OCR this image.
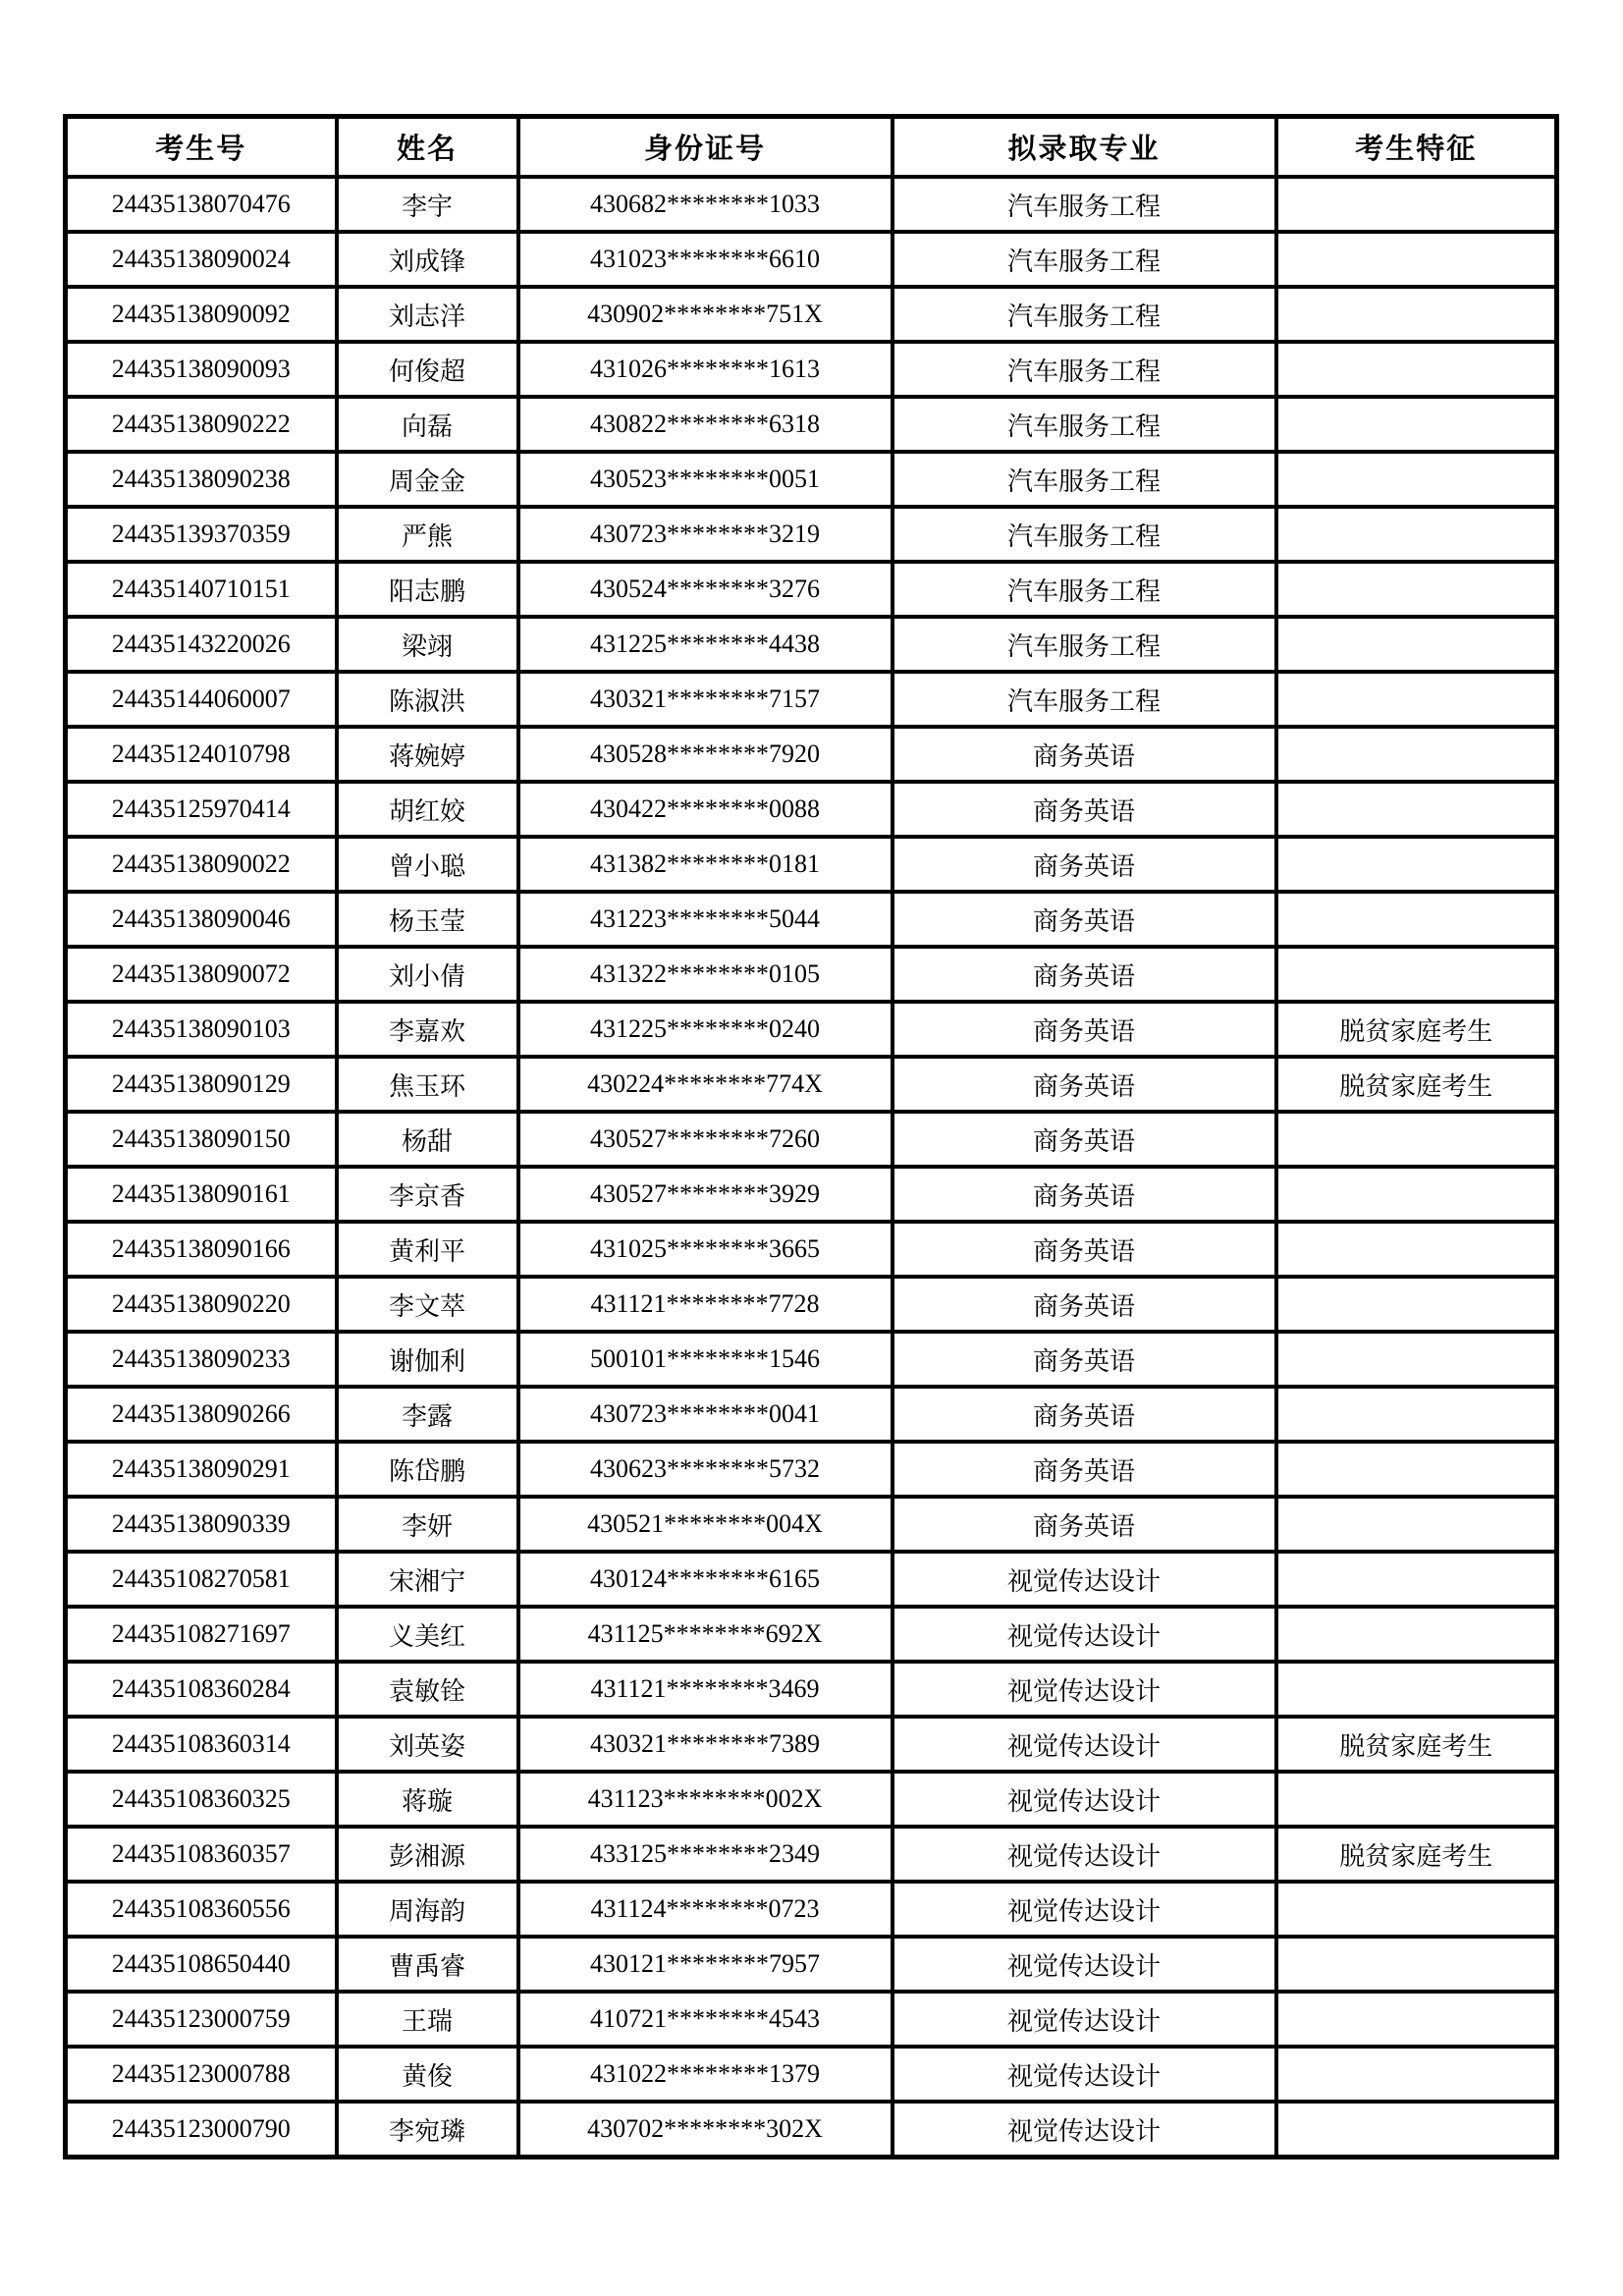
考生号	姓名	身份证号	拟录取专业	考生特征
24435138070476	李宇	430682********1033	汽车服务工程	
24435138090024	刘成锋	431023********6610	汽车服务工程	
24435138090092	刘志洋	430902********751X	汽车服务工程	
24435138090093	何俊超	431026********1613	汽车服务工程	
24435138090222	向磊	430822********6318	汽车服务工程	
24435138090238	周金金	430523********0051	汽车服务工程	
24435139370359	严熊	430723********3219	汽车服务工程	
24435140710151	阳志鹏	430524********3276	汽车服务工程	
24435143220026	梁翊	431225********4438	汽车服务工程	
24435144060007	陈淑洪	430321********7157	汽车服务工程	
24435124010798	蒋婉婷	430528********7920	商务英语	
24435125970414	胡红姣	430422********0088	商务英语	
24435138090022	曾小聪	431382********0181	商务英语	
24435138090046	杨玉莹	431223********5044	商务英语	
24435138090072	刘小倩	431322********0105	商务英语	
24435138090103	李嘉欢	431225********0240	商务英语	脱贫家庭考生
24435138090129	焦玉环	430224********774X	商务英语	脱贫家庭考生
24435138090150	杨甜	430527********7260	商务英语	
24435138090161	李京香	430527********3929	商务英语	
24435138090166	黄利平	431025********3665	商务英语	
24435138090220	李文萃	431121********7728	商务英语	
24435138090233	谢伽利	500101********1546	商务英语	
24435138090266	李露	430723********0041	商务英语	
24435138090291	陈岱鹏	430623********5732	商务英语	
24435138090339	李妍	430521********004X	商务英语	
24435108270581	宋湘宁	430124********6165	视觉传达设计	
24435108271697	义美红	431125********692X	视觉传达设计	
24435108360284	袁敏铨	431121********3469	视觉传达设计	
24435108360314	刘英姿	430321********7389	视觉传达设计	脱贫家庭考生
24435108360325	蒋璇	431123********002X	视觉传达设计	
24435108360357	彭湘源	433125********2349	视觉传达设计	脱贫家庭考生
24435108360556	周海韵	431124********0723	视觉传达设计	
24435108650440	曹禹睿	430121********7957	视觉传达设计	
24435123000759	王瑞	410721********4543	视觉传达设计	
24435123000788	黄俊	431022********1379	视觉传达设计	
24435123000790	李宛璘	430702********302X	视觉传达设计	
